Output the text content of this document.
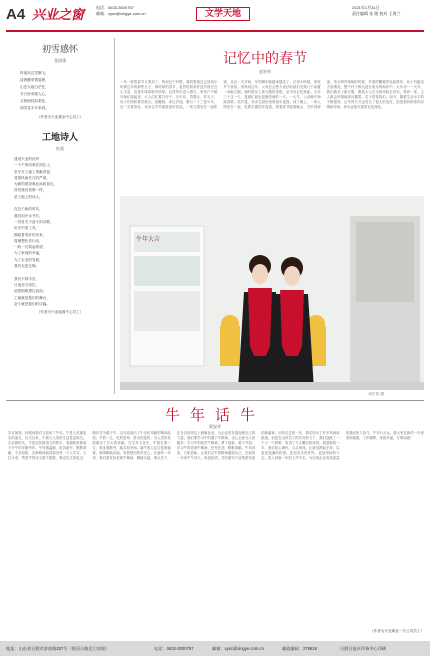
A4 兴业之窗
电话：0633-3000787
邮箱：xysc@xingye.com.cn	文学天地
2021年1月31日
责任编辑 张 媛 校对 王海兰
初雪感怀
张国建
昨夜风过雪飘飞，
清晨醒来银装裹，
山峦大地白茫茫，
冬日里来暖人心，
玉树琼枝如梨花，
瑞雪兆丰年来到。
（作者为兴业煤业中心员工）
工地诗人
杜贤
建设兴业的河岸
一个个的同事在岗位上，
坚守在工地上奉献青春，
冒着风雨冬日的严寒，
为新的建设事业添砖加瓦，
所有建设者都一样，
是工地上的诗人。

在这个新的时代，
我们用汗水书写，
一首首关于奋斗的诗歌，
用手中的工具，
描绘着美好的未来，
将理想化作行动，
一砖一瓦筑起希望，
为了家庭的幸福，
为了企业的发展，
我们无怨无悔。

我们不辞辛苦，
日夜坚守岗位，
迎着困难勇往直前。
工地就是我们的舞台，
奋斗就是我们的诗篇。
（作者为兴业能源中心员工）
记忆中的春节
赵宏伟
一年一度的春节又要到了，每到这个时候，我的思绪总会回到小时候过年的那些日子。那时候的春节，虽然物质条件没有现在这么丰富，但是年味却格外浓厚。记得每年进入腊月，家家户户就开始忙碌起来，大人们忙着扫房子、办年货、蒸馒头、炸丸子，孩子们则盼着穿新衣、放鞭炮、拿压岁钱。腊月二十三是小年，这一天要祭灶，母亲会早早地准备好供品，一家人围坐在一起吃饭，从这一天开始，年的脚步就越来越近了。记得小时候，家里并不富裕，但每到过年，父母总会想方设法给我们兄妹几个添置一身新衣服。那时候穿上新衣服的喜悦，至今仍记忆犹新。大年三十这一天，是最忙碌也是最热闹的一天。一大早，父亲就开始贴春联、挂灯笼，母亲在厨房里准备年夜饭。到了晚上，一家人围坐在一起，吃着丰盛的年夜饭，看着春节联欢晚会，守岁到深夜。零点钟声敲响的时候，外面的鞭炮声此起彼伏，孩子们跑出去放烟花，整个村子都沉浸在欢乐的海洋中。大年初一一大早，我们就穿上新衣服，跟着大人们走街串巷去拜年，每到一家，主人都会热情地拿出糖果、瓜子招待我们。如今，随着生活水平的不断提高，过年的方式也发生了很大的变化，但是那份浓浓的亲情和年味，却永远留在我的记忆深处。
牛年大吉
何宏智 摄
牛年话牛
贾安祥
岁月如梭，转眼间我们又迎来了牛年。牛是人类最忠实的朋友，自古以来，牛就与人类的生活息息相关。在农耕时代，牛是农民最得力的帮手，春耕秋收都离不开牛的辛勤劳作。牛性情温顺，吃苦耐劳，默默奉献，不求回报，这种精神值得我们每一个人学习。古往今来，赞美牛的诗文数不胜数，鲁迅先生曾说过：俯首甘为孺子牛。这句话道出了牛无私奉献的精神品质。牛的一生，吃的是草，挤出的是奶，为人类的发展做出了巨大的贡献。在生肖文化中，牛排在第二位，象征着勤劳、踏实和坚韧。属牛的人往往性格稳重，做事脚踏实地，有着强烈的责任心。在新的一年里，我们要发扬老黄牛精神，脚踏实地，埋头苦干，在各自的岗位上兢兢业业，为企业的发展贡献自己的力量。我们要学习牛的孺子牛精神，全心全意为人民服务；学习牛的拓荒牛精神，勇于创新，敢于开拓；学习牛的老黄牛精神，任劳任怨，默默奉献。牛年到来，万象更新。让我们以牛的精神激励自己，在新的一年里牛气冲天，再创佳绩，共同谱写兴业集团发展的新篇章。回首过去的一年，我们经历了许多风雨和挑战，但是在全体员工的共同努力下，我们战胜了一个又一个困难，取得了令人瞩目的成绩。展望新的一年，我们信心满怀，斗志昂扬。让我们携起手来，以更加饱满的热情、更加务实的作风、更加昂扬的斗志，投入到新一年的工作中去，为实现企业的高质量发展而努力奋斗。牛年行大运，愿大家在新的一年里身体健康，工作顺利，家庭幸福，万事如意！
（作者为兴业煤业一分公司员工）
地址：山东省日照市济南路257号（银河公路北门对面）	电话：0633-3000787	邮箱：xysc@xingye.com.cn	邮政编码：276826	日照日报社印务中心印刷
